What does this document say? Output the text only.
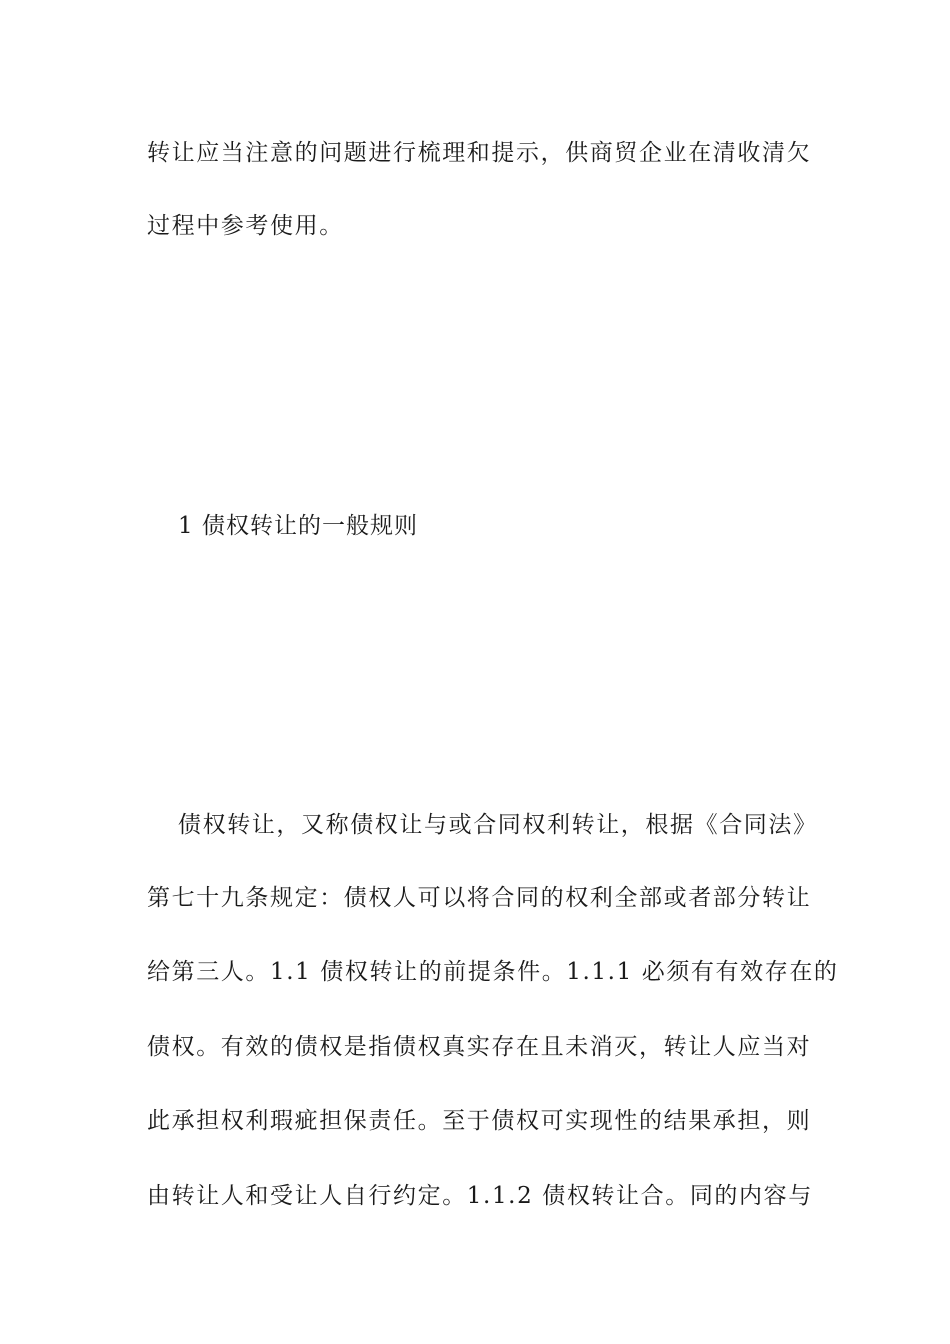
转让应当注意的问题进行梳理和提示，供商贸企业在清收清欠

过程中参考使用。

1 债权转让的一般规则

债权转让，又称债权让与或合同权利转让，根据《合同法》

第七十九条规定：债权人可以将合同的权利全部或者部分转让

给第三人。1.1 债权转让的前提条件。1.1.1 必须有有效存在的

债权。有效的债权是指债权真实存在且未消灭，转让人应当对

此承担权利瑕疵担保责任。至于债权可实现性的结果承担，则

由转让人和受让人自行约定。1.1.2 债权转让合。同的内容与
